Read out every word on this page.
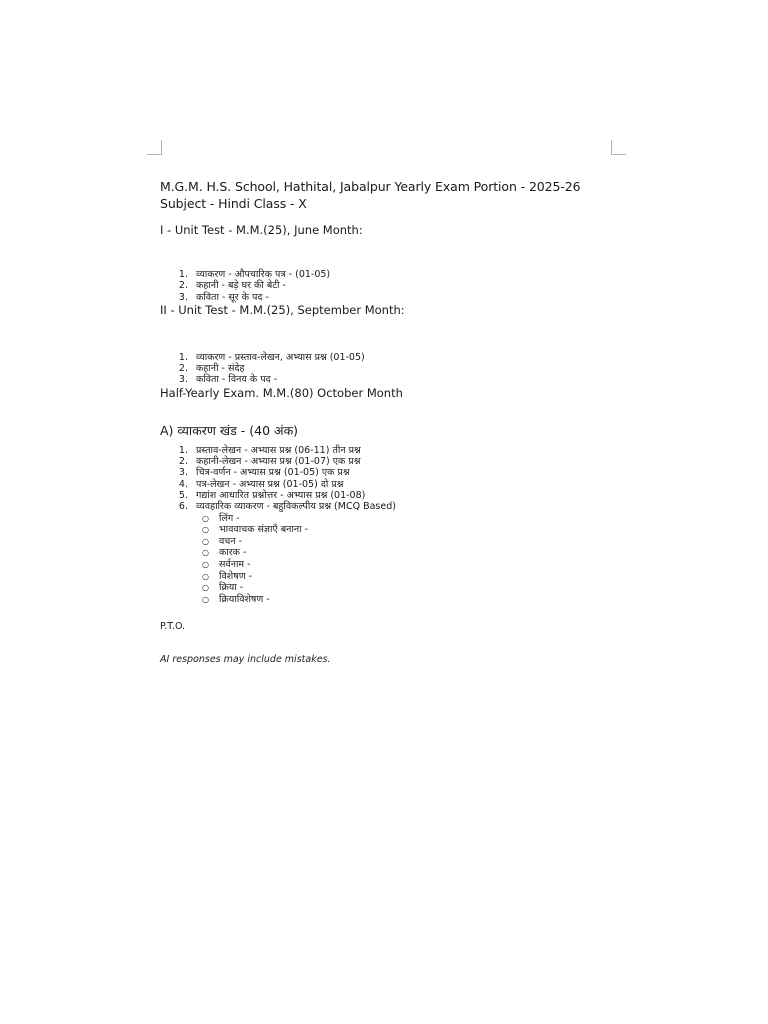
M.G.M. H.S. School, Hathital, Jabalpur Yearly Exam Portion - 2025-26 Subject - Hindi Class - X

I - Unit Test - M.M.(25), June Month:

1. व्याकरण - औपचारिक पत्र - (01-05)
2. कहानी - बड़े घर की बेटी -
3. कविता - सूर के पद -

II - Unit Test - M.M.(25), September Month:

1. व्याकरण - प्रस्ताव-लेखन, अभ्यास प्रश्न (01-05)
2. कहानी - संदेह
3. कविता - विनय के पद -

Half-Yearly Exam. M.M.(80) October Month

A) व्याकरण खंड - (40 अंक)

1. प्रस्ताव-लेखन - अभ्यास प्रश्न (06-11) तीन प्रश्न
2. कहानी-लेखन - अभ्यास प्रश्न (01-07) एक प्रश्न
3. चित्र-वर्णन - अभ्यास प्रश्न (01-05) एक प्रश्न
4. पत्र-लेखन - अभ्यास प्रश्न (01-05) दो प्रश्न
5. गद्यांश आधारित प्रश्नोत्तर - अभ्यास प्रश्न (01-08)
6. व्यवहारिक व्याकरण - बहुविकल्पीय प्रश्न (MCQ Based)
○	लिंग -
○	भाववाचक संज्ञाएँ बनाना -
○	वचन -
○	कारक -
○	सर्वनाम -
○	विशेषण -
○	क्रिया -
○	क्रियाविशेषण -
P.T.O.
AI responses may include mistakes.
